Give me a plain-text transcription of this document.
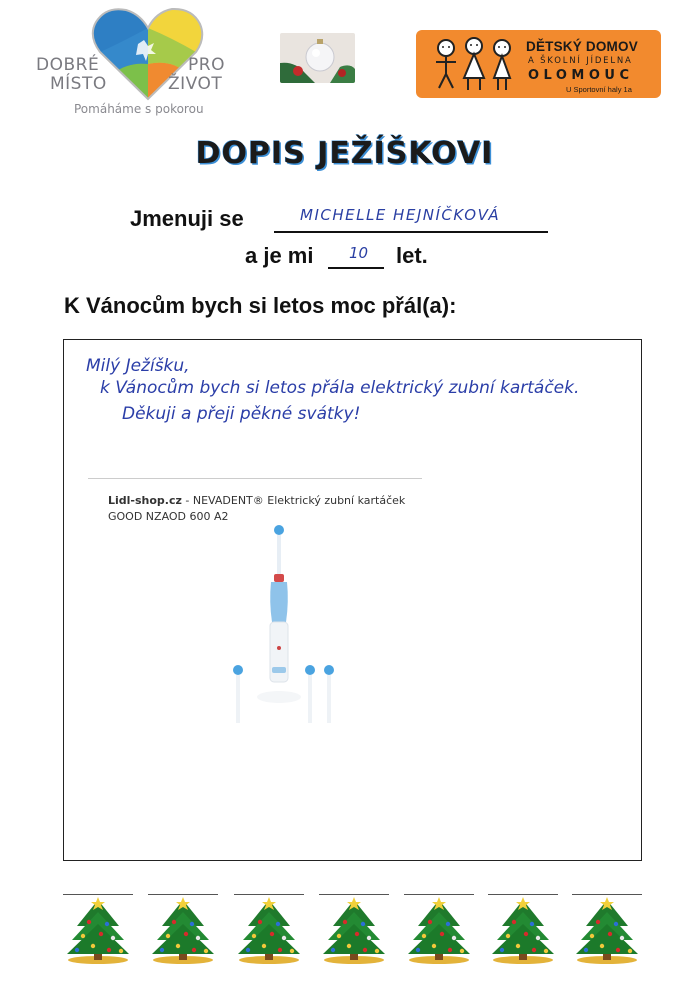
DOBRÉ
MÍSTO
PRO
ŽIVOT
Pomáháme s pokorou
DĚTSKÝ DOMOV
A ŠKOLNÍ JÍDELNA
OLOMOUC
U Sportovní haly 1a
DOPIS JEŽÍŠKOVI
Jmenuji se	MICHELLE HEJNÍČKOVÁ
a je mi 10 let.
K Vánocům bych si letos moc přál(a):
Milý Ježíšku,
k Vánocům bych si letos přála elektrický zubní kartáček.
Děkuji a přeji pěkné svátky!
Lidl-shop.cz - NEVADENT® Elektrický zubní kartáček
GOOD NZAOD 600 A2
